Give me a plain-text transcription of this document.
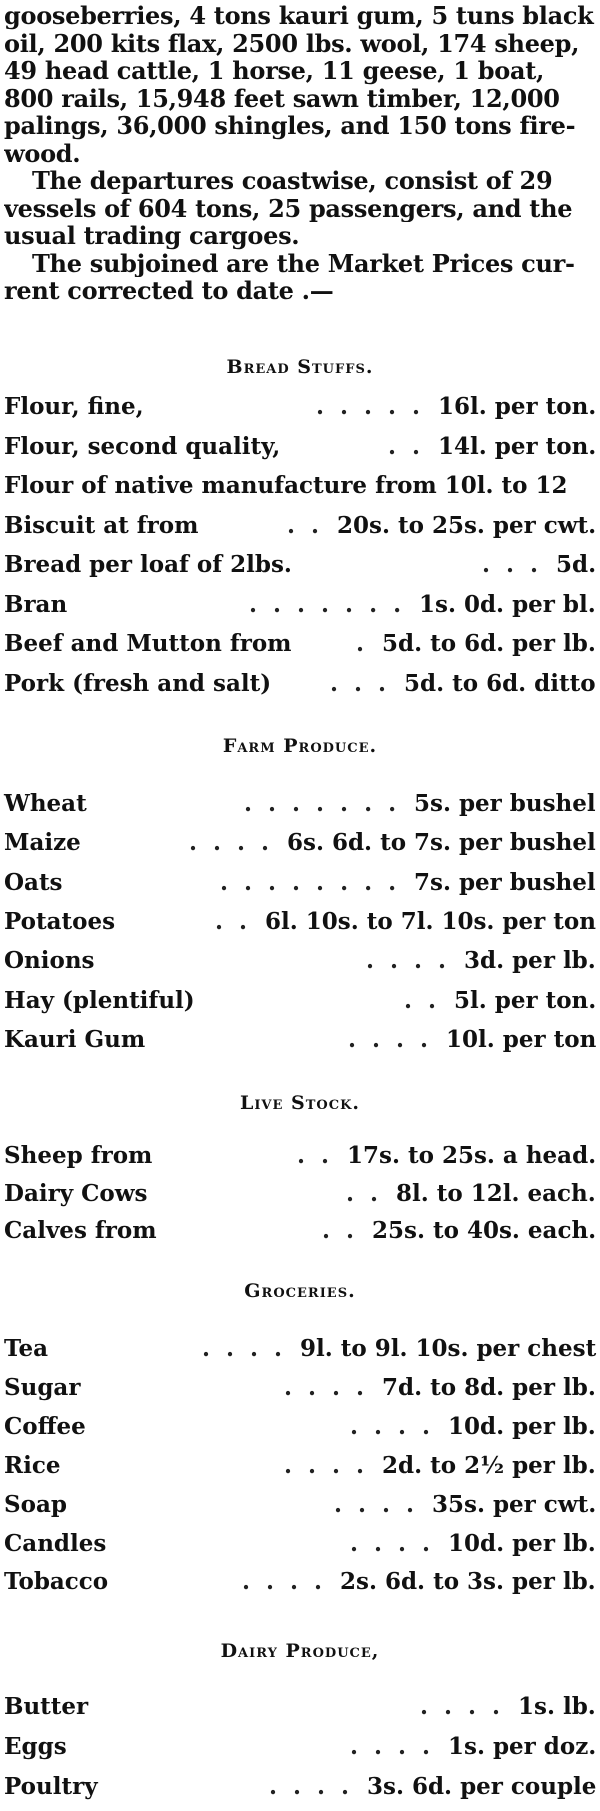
gooseberries, 4 tons kauri gum, 5 tuns black
oil, 200 kits flax, 2500 lbs. wool, 174 sheep,
49 head cattle, 1 horse, 11 geese, 1 boat,
800 rails, 15,948 feet sawn timber, 12,000
palings, 36,000 shingles, and 150 tons fire-
wood.
The departures coastwise, consist of 29
vessels of 604 tons, 25 passengers, and the
usual trading cargoes.
The subjoined are the Market Prices cur-
rent corrected to date .—
Bread Stuffs.
Flour, fine,	. . . . . 16l. per ton.
Flour, second quality,	. . 14l. per ton.
Flour of native manufacture from 10l. to 12
Biscuit at from	. . 20s. to 25s. per cwt.
Bread per loaf of 2lbs.	. . . 5d.
Bran	. . . . . . . 1s. 0d. per bl.
Beef and Mutton from	. 5d. to 6d. per lb.
Pork (fresh and salt)	. . . 5d. to 6d. ditto
Farm Produce.
Wheat	. . . . . . . 5s. per bushel
Maize	. . . . 6s. 6d. to 7s. per bushel
Oats	. . . . . . . . 7s. per bushel
Potatoes	. . 6l. 10s. to 7l. 10s. per ton
Onions	. . . . 3d. per lb.
Hay (plentiful)	. . 5l. per ton.
Kauri Gum	. . . . 10l. per ton
Live Stock.
Sheep from	. . 17s. to 25s. a head.
Dairy Cows	. . 8l. to 12l. each.
Calves from	. . 25s. to 40s. each.
Groceries.
Tea	. . . . 9l. to 9l. 10s. per chest
Sugar	. . . . 7d. to 8d. per lb.
Coffee	. . . . 10d. per lb.
Rice	. . . . 2d. to 2½ per lb.
Soap	. . . . 35s. per cwt.
Candles	. . . . 10d. per lb.
Tobacco	. . . . 2s. 6d. to 3s. per lb.
Dairy Produce,
Butter	. . . . 1s. lb.
Eggs	. . . . 1s. per doz.
Poultry	. . . . 3s. 6d. per couple
